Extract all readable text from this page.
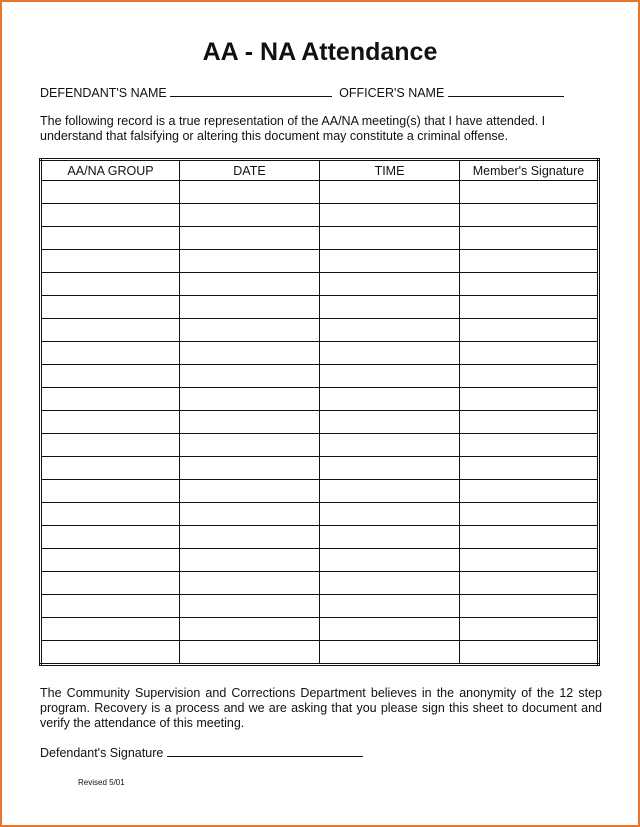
AA - NA Attendance
DEFENDANT'S NAME	OFFICER'S NAME
The following record is a true representation of the AA/NA meeting(s) that I have attended. I understand that falsifying or altering this document may constitute a criminal offense.
AA/NA GROUP	DATE	TIME	Member's Signature

The Community Supervision and Corrections Department believes in the anonymity of the 12 step program. Recovery is a process and we are asking that you please sign this sheet to document and verify the attendance of this meeting.
Defendant's Signature
Revised 5/01
